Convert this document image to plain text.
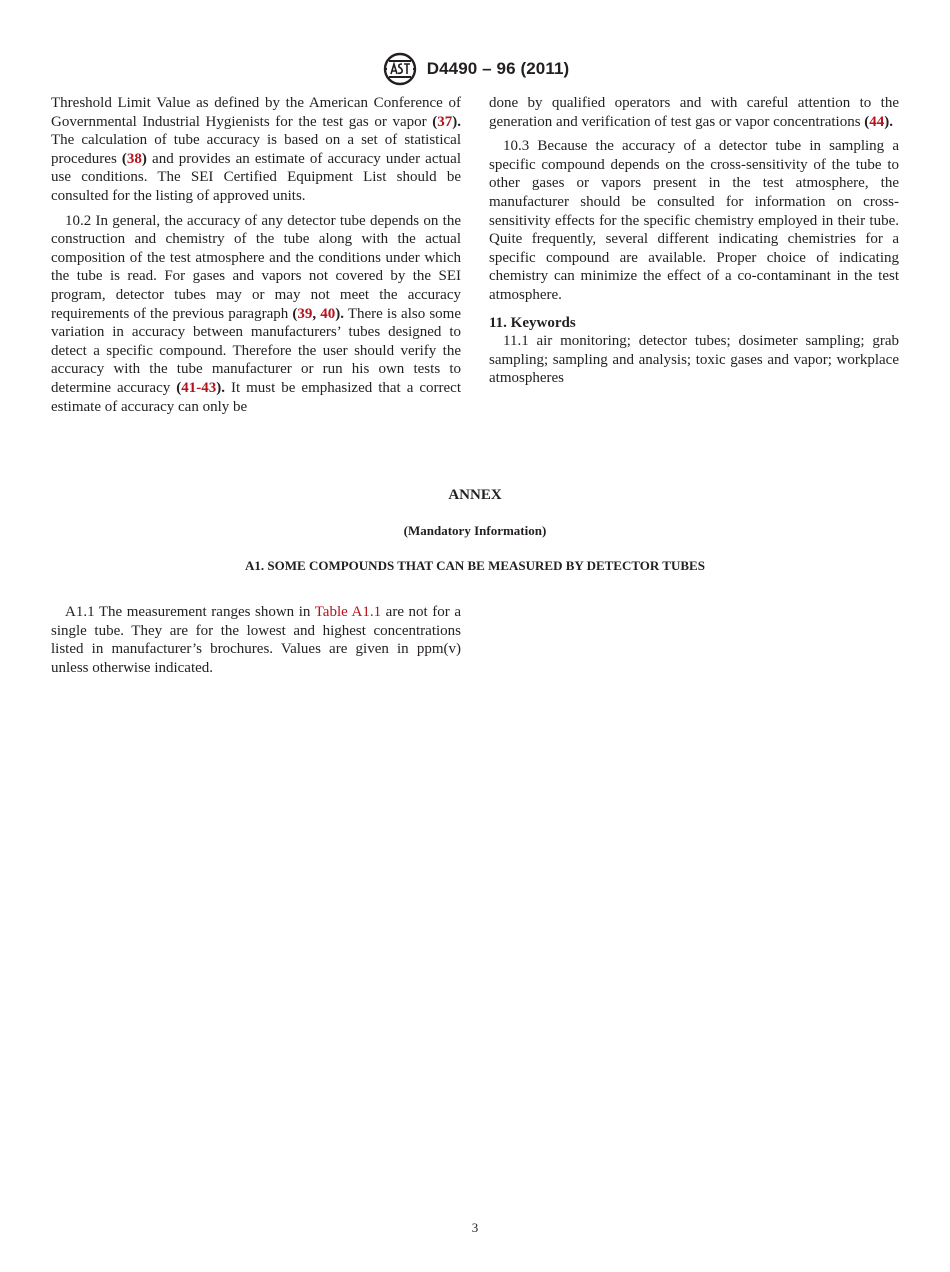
D4490 – 96 (2011)

Threshold Limit Value as defined by the American Conference of Governmental Industrial Hygienists for the test gas or vapor (37). The calculation of tube accuracy is based on a set of statistical procedures (38) and provides an estimate of accuracy under actual use conditions. The SEI Certified Equipment List should be consulted for the listing of approved units.

10.2 In general, the accuracy of any detector tube depends on the construction and chemistry of the tube along with the actual composition of the test atmosphere and the conditions under which the tube is read. For gases and vapors not covered by the SEI program, detector tubes may or may not meet the accuracy requirements of the previous paragraph (39, 40). There is also some variation in accuracy between manufacturers’ tubes designed to detect a specific compound. Therefore the user should verify the accuracy with the tube manufacturer or run his own tests to determine accuracy (41-43). It must be emphasized that a correct estimate of accuracy can only be

done by qualified operators and with careful attention to the generation and verification of test gas or vapor concentrations (44).

10.3 Because the accuracy of a detector tube in sampling a specific compound depends on the cross-sensitivity of the tube to other gases or vapors present in the test atmosphere, the manufacturer should be consulted for information on cross-sensitivity effects for the specific chemistry employed in their tube. Quite frequently, several different indicating chemistries for a specific compound are available. Proper choice of indicating chemistry can minimize the effect of a co-contaminant in the test atmosphere.

11. Keywords

11.1 air monitoring; detector tubes; dosimeter sampling; grab sampling; sampling and analysis; toxic gases and vapor; workplace atmospheres

ANNEX
(Mandatory Information)
A1. SOME COMPOUNDS THAT CAN BE MEASURED BY DETECTOR TUBES

A1.1 The measurement ranges shown in Table A1.1 are not for a single tube. They are for the lowest and highest concentrations listed in manufacturer’s brochures. Values are given in ppm(v) unless otherwise indicated.

3
